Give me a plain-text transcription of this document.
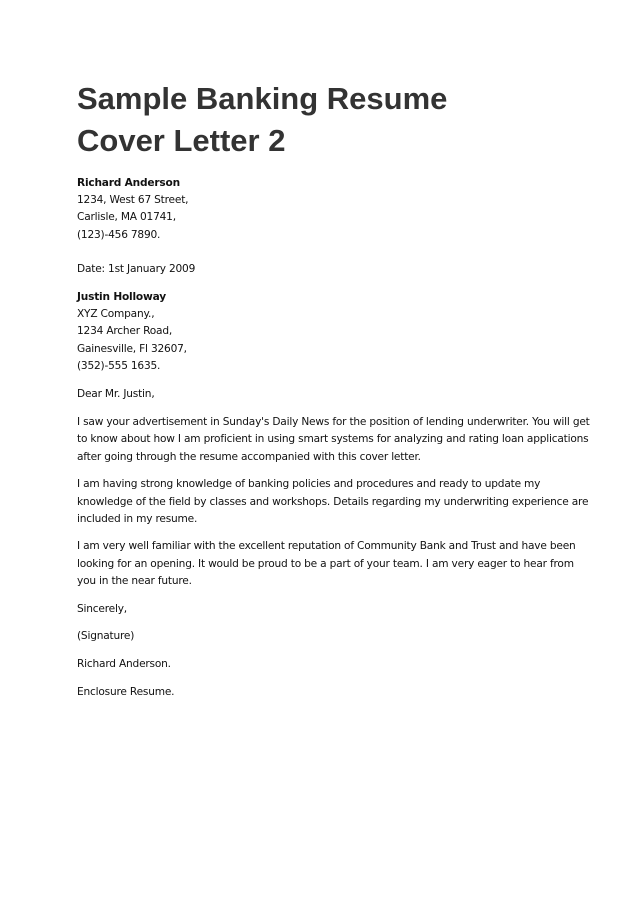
Sample Banking Resume
Cover Letter 2
Richard Anderson
1234, West 67 Street,
Carlisle, MA 01741,
(123)-456 7890.
Date: 1st January 2009
Justin Holloway
XYZ Company.,
1234 Archer Road,
Gainesville, Fl 32607,
(352)-555 1635.
Dear Mr. Justin,

I saw your advertisement in Sunday's Daily News for the position of lending underwriter. You will get
to know about how I am proficient in using smart systems for analyzing and rating loan applications
after going through the resume accompanied with this cover letter.

I am having strong knowledge of banking policies and procedures and ready to update my
knowledge of the field by classes and workshops. Details regarding my underwriting experience are
included in my resume.

I am very well familiar with the excellent reputation of Community Bank and Trust and have been
looking for an opening. It would be proud to be a part of your team. I am very eager to hear from
you in the near future.

Sincerely,

(Signature)

Richard Anderson.

Enclosure Resume.
